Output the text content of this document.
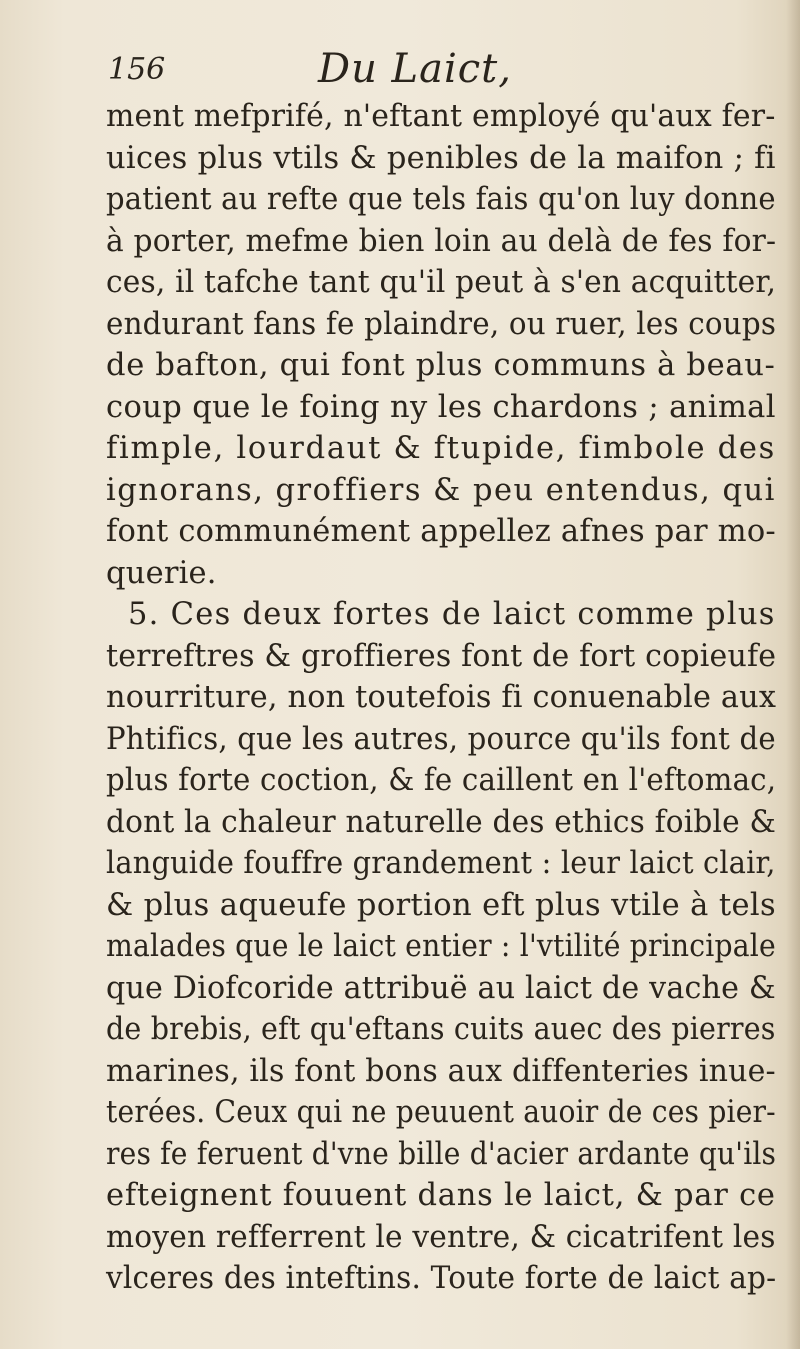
156	Du Laict,
ment mefprifé, n'eftant employé qu'aux fer-
uices plus vtils & penibles de la maifon ; fi
patient au refte que tels fais qu'on luy donne
à porter, mefme bien loin au delà de fes for-
ces, il tafche tant qu'il peut à s'en acquitter,
endurant fans fe plaindre, ou ruer, les coups
de bafton, qui font plus communs à beau-
coup que le foing ny les chardons ; animal
fimple, lourdaut & ftupide, fimbole des
ignorans, groffiers & peu entendus, qui
font communément appellez afnes par mo-
querie.
5. Ces deux fortes de laict comme plus
terreftres & groffieres font de fort copieufe
nourriture, non toutefois fi conuenable aux
Phtifics, que les autres, pource qu'ils font de
plus forte coction, & fe caillent en l'eftomac,
dont la chaleur naturelle des ethics foible &
languide fouffre grandement : leur laict clair,
& plus aqueufe portion eft plus vtile à tels
malades que le laict entier : l'vtilité principale
que Diofcoride attribuë au laict de vache &
de brebis, eft qu'eftans cuits auec des pierres
marines, ils font bons aux diffenteries inue-
terées. Ceux qui ne peuuent auoir de ces pier-
res fe feruent d'vne bille d'acier ardante qu'ils
efteignent fouuent dans le laict, & par ce
moyen refferrent le ventre, & cicatrifent les
vlceres des inteftins. Toute forte de laict ap-
